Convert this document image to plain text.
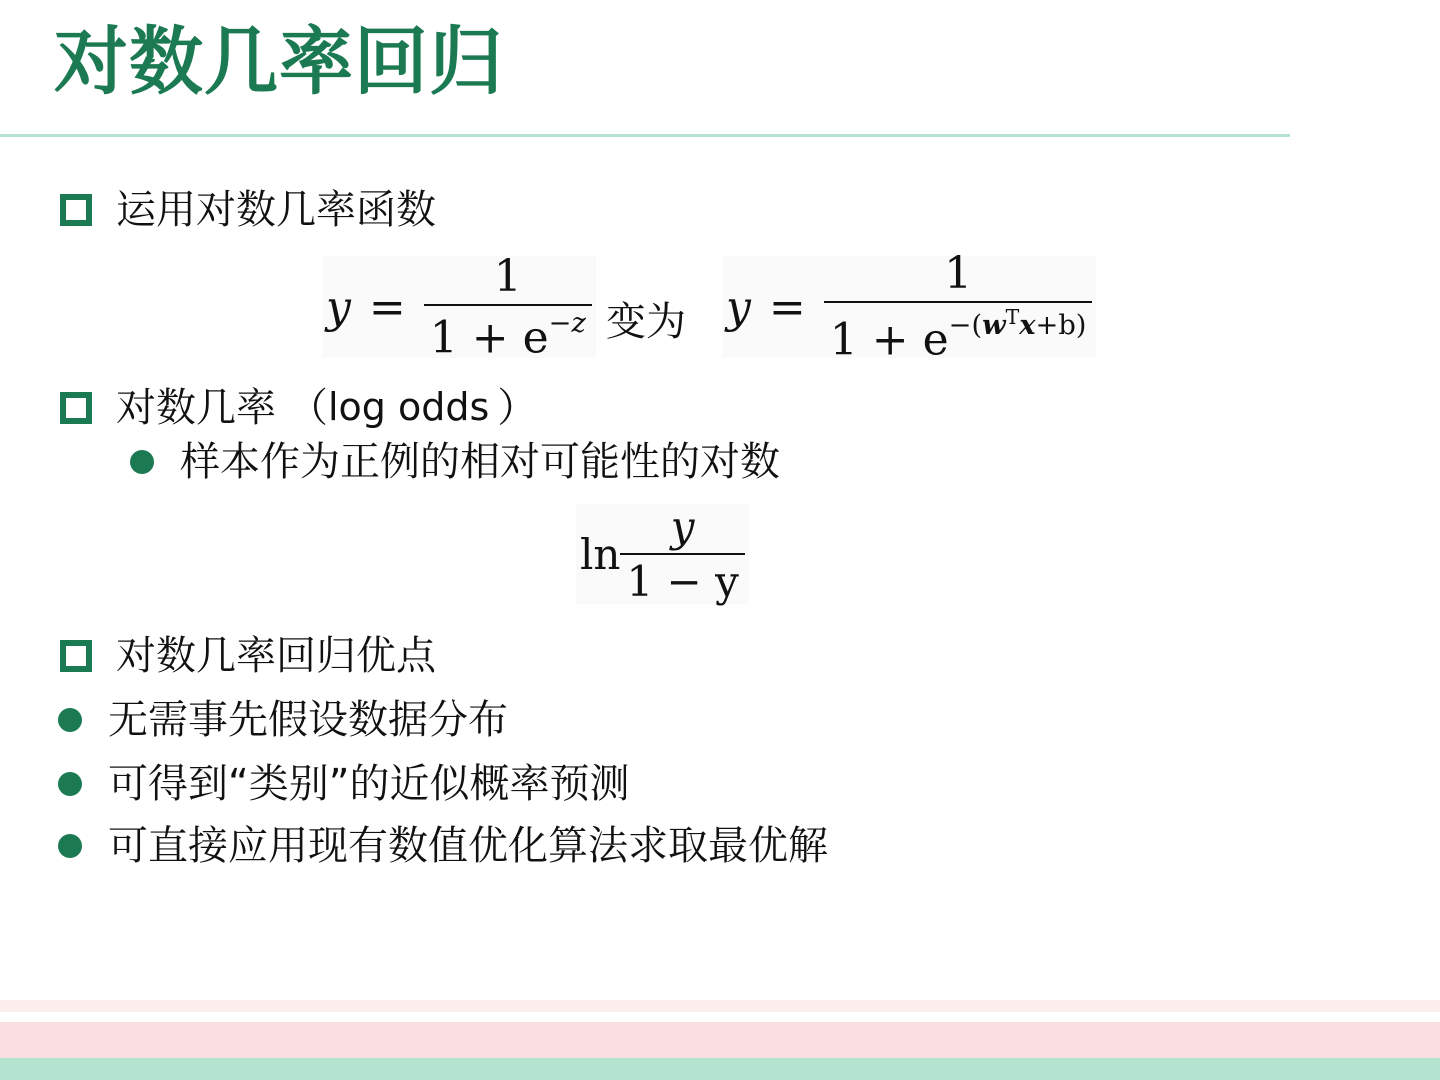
对数几率回归
运用对数几率函数
$y = \frac{1}{1 + e^{-z}}$ 变为 $y = \frac{1}{1 + e^{-(w^Tx+b)}}$
对数几率 （ log odds ）
样本作为正例的相对可能性的对数
$\ln \frac{y}{1 - y}$
对数几率回归优点
无需事先假设数据分布
可得到“类别”的近似概率预测
可直接应用现有数值优化算法求取最优解
